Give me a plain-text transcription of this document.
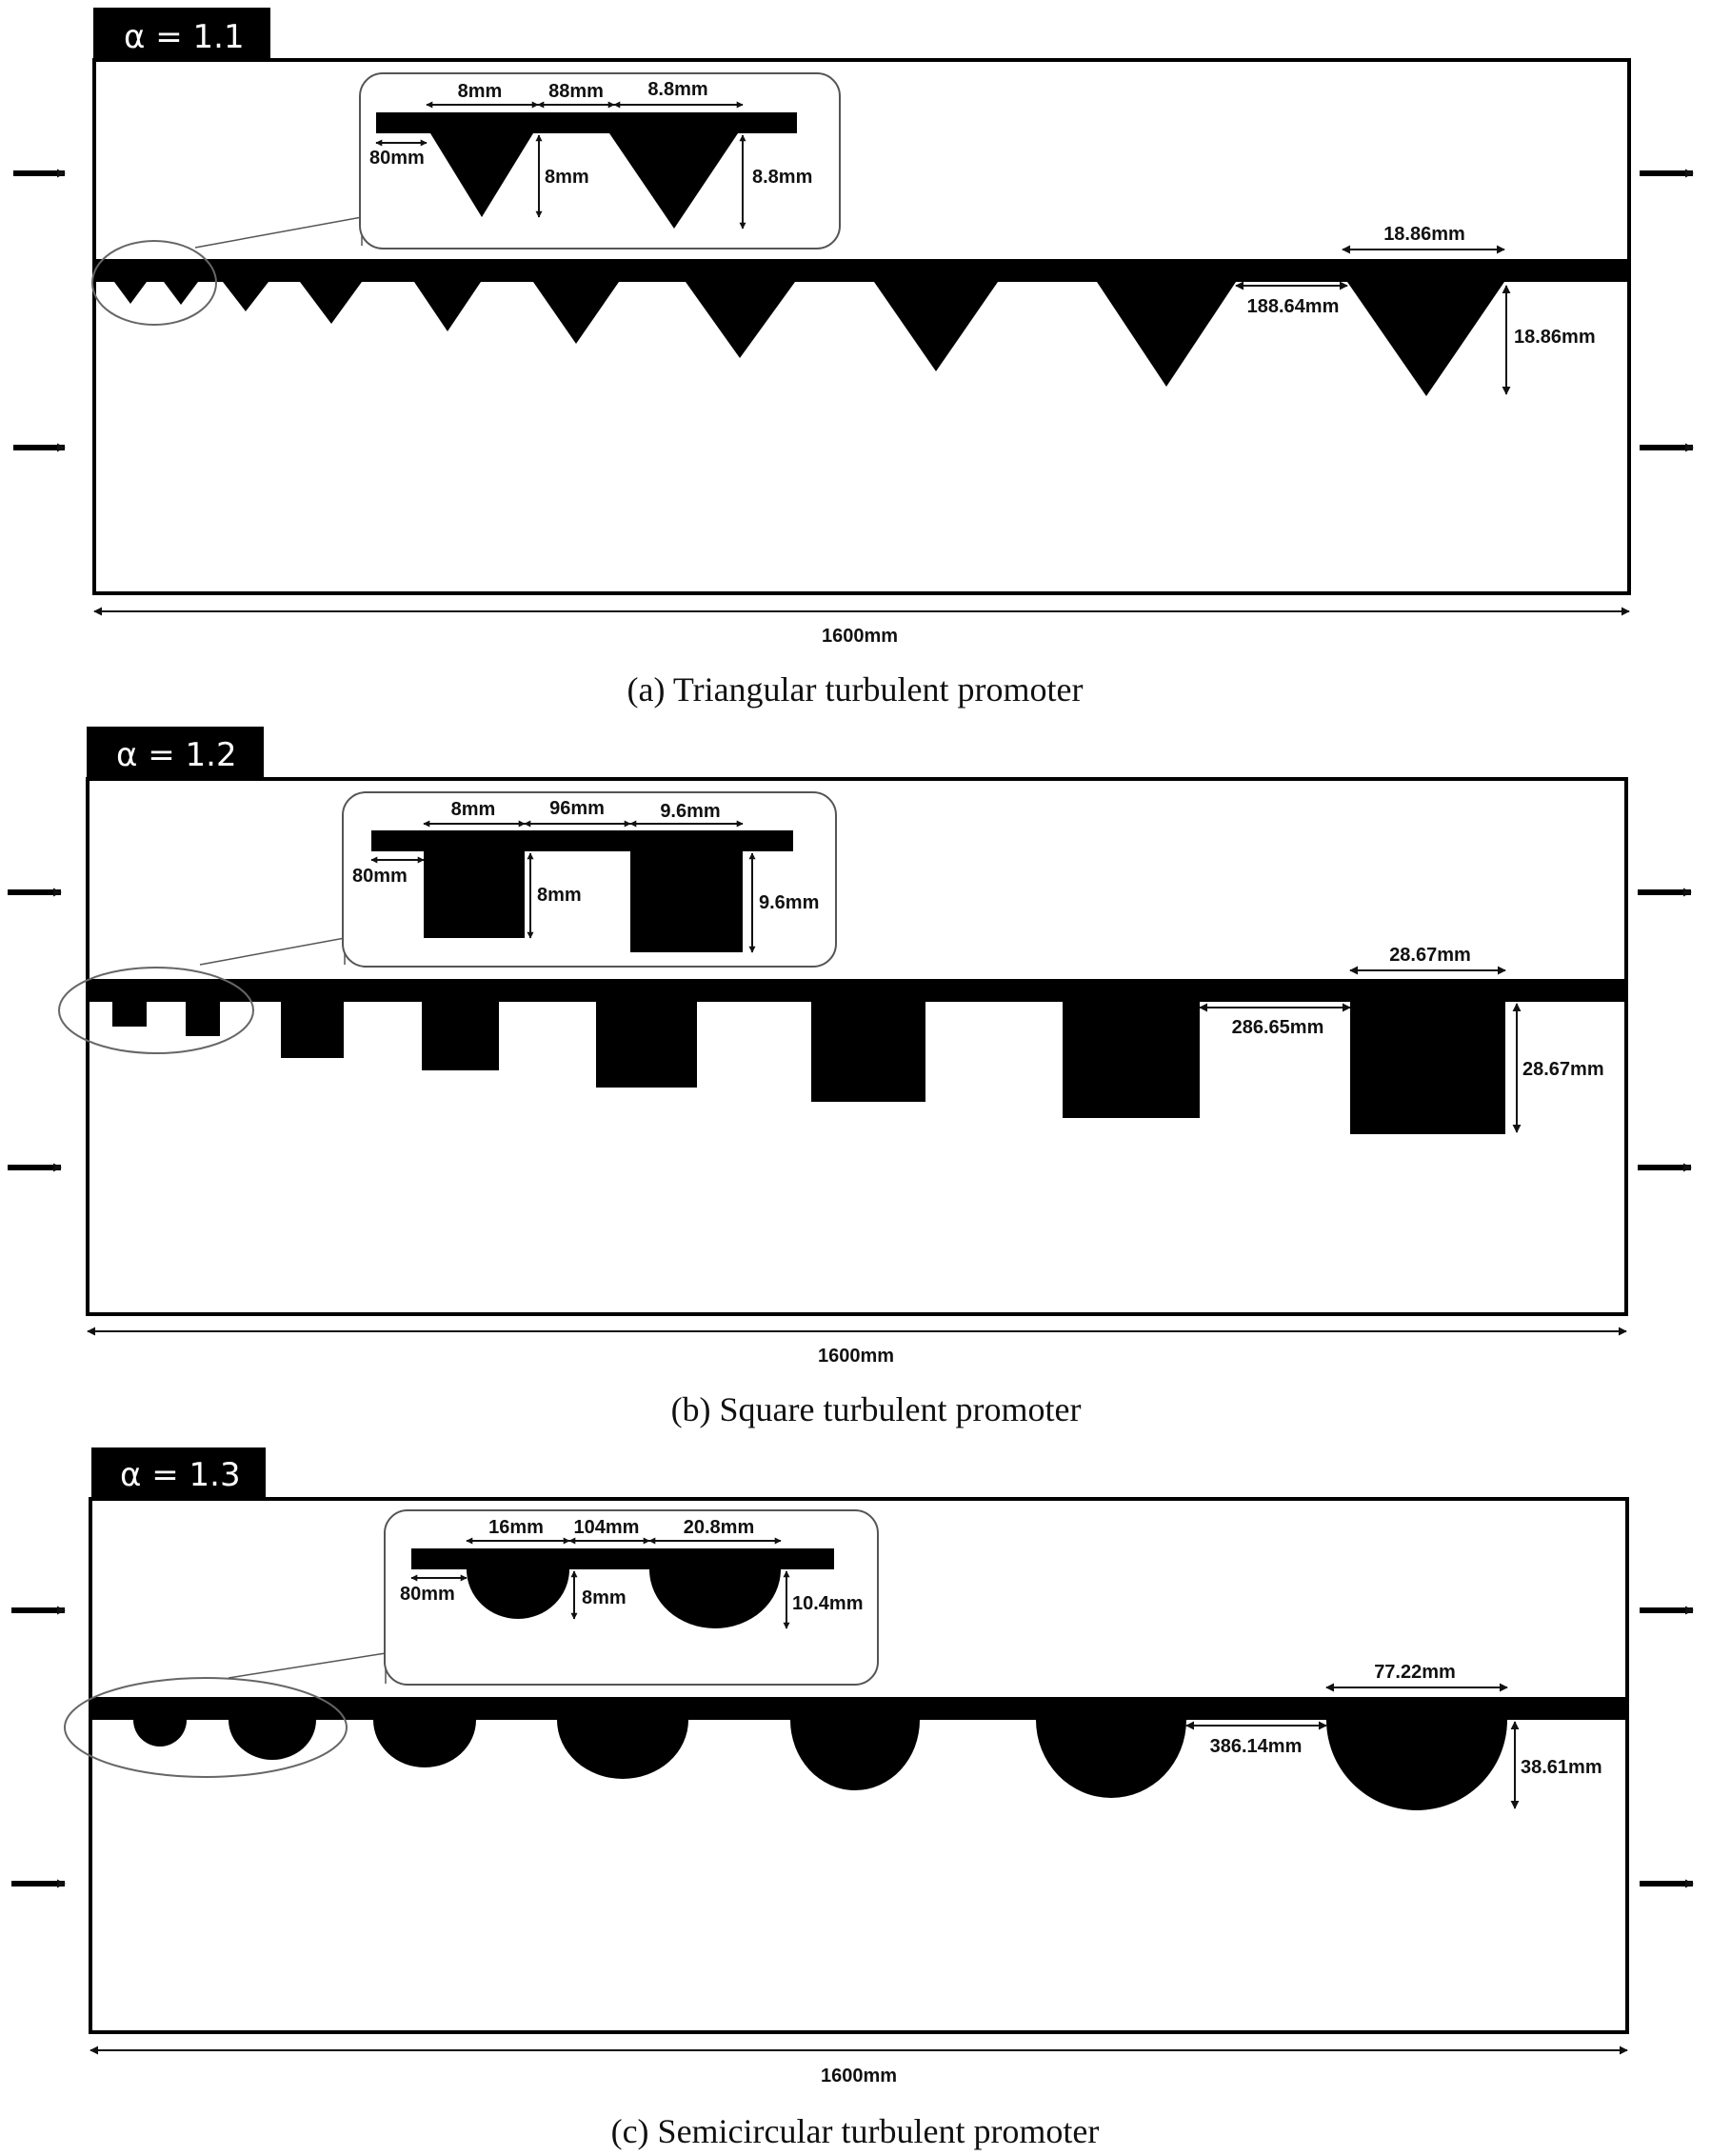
α = 1.1
8mm 88mm 8.8mm
80mm
8mm	8.8mm
18.86mm
188.64mm
18.86mm
1600mm
(a) Triangular turbulent promoter
α = 1.2
8mm	96mm	9.6mm
80mm
8mm	9.6mm
28.67mm
286.65mm
28.67mm
1600mm
(b) Square turbulent promoter
α = 1.3
16mm 104mm 20.8mm
80mm	8mm	10.4mm
77.22mm
386.14mm
38.61mm
1600mm
(c) Semicircular turbulent promoter
